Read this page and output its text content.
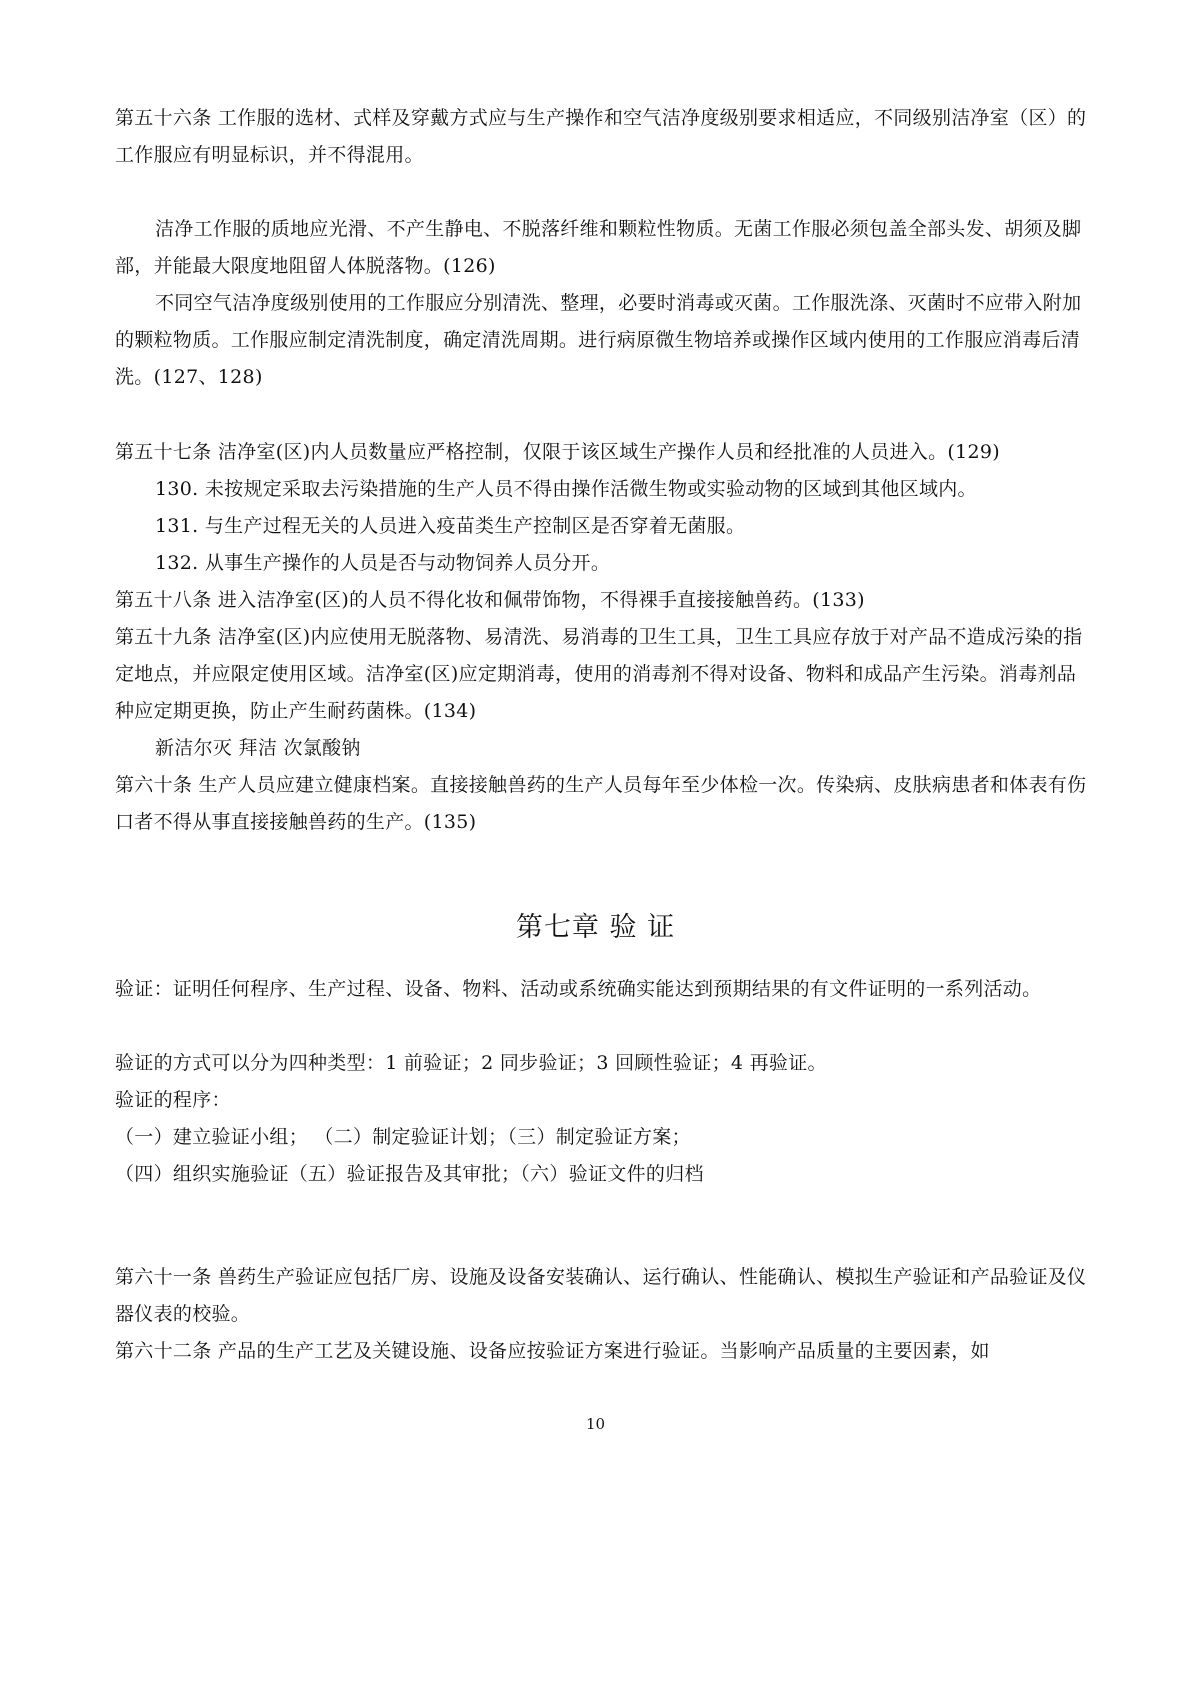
第五十六条 工作服的选材、式样及穿戴方式应与生产操作和空气洁净度级别要求相适应，不同级别洁净室（区）的工作服应有明显标识，并不得混用。

洁净工作服的质地应光滑、不产生静电、不脱落纤维和颗粒性物质。无菌工作服必须包盖全部头发、胡须及脚部，并能最大限度地阻留人体脱落物。(126)

不同空气洁净度级别使用的工作服应分别清洗、整理，必要时消毒或灭菌。工作服洗涤、灭菌时不应带入附加的颗粒物质。工作服应制定清洗制度，确定清洗周期。进行病原微生物培养或操作区域内使用的工作服应消毒后清洗。(127、128)

第五十七条 洁净室(区)内人员数量应严格控制，仅限于该区域生产操作人员和经批准的人员进入。(129)

130. 未按规定采取去污染措施的生产人员不得由操作活微生物或实验动物的区域到其他区域内。

131. 与生产过程无关的人员进入疫苗类生产控制区是否穿着无菌服。

132. 从事生产操作的人员是否与动物饲养人员分开。

第五十八条 进入洁净室(区)的人员不得化妆和佩带饰物，不得裸手直接接触兽药。(133)

第五十九条 洁净室(区)内应使用无脱落物、易清洗、易消毒的卫生工具，卫生工具应存放于对产品不造成污染的指定地点，并应限定使用区域。洁净室(区)应定期消毒，使用的消毒剂不得对设备、物料和成品产生污染。消毒剂品种应定期更换，防止产生耐药菌株。(134)

新洁尔灭 拜洁 次氯酸钠

第六十条 生产人员应建立健康档案。直接接触兽药的生产人员每年至少体检一次。传染病、皮肤病患者和体表有伤口者不得从事直接接触兽药的生产。(135)

第七章 验 证

验证：证明任何程序、生产过程、设备、物料、活动或系统确实能达到预期结果的有文件证明的一系列活动。

验证的方式可以分为四种类型：1 前验证；2 同步验证；3 回顾性验证；4 再验证。

验证的程序：

（一）建立验证小组； （二）制定验证计划；（三）制定验证方案；

（四）组织实施验证（五）验证报告及其审批；（六）验证文件的归档

第六十一条 兽药生产验证应包括厂房、设施及设备安装确认、运行确认、性能确认、模拟生产验证和产品验证及仪器仪表的校验。

第六十二条 产品的生产工艺及关键设施、设备应按验证方案进行验证。当影响产品质量的主要因素，如

10
